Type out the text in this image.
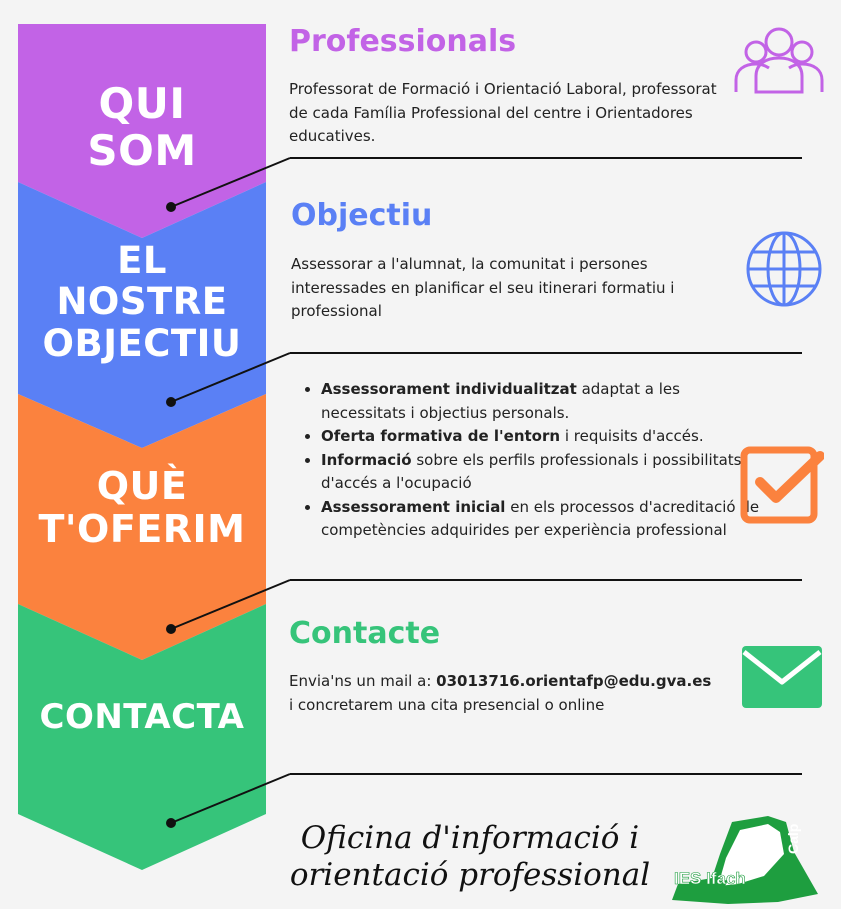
QUI
SOM
EL
NOSTRE
OBJECTIU
QUÈ
T'OFERIM
CONTACTA
Professionals

Professorat de Formació i Orientació Laboral, professorat de cada Família Professional del centre i Orientadores educatives.

Objectiu

Assessorar a l'alumnat, la comunitat i persones interessades en planificar el seu itinerari formatiu i professional

• Assessorament individualitzat adaptat a les necessitats i objectius personals.
• Oferta formativa de l'entorn i requisits d'accés.
• Informació sobre els perfils professionals i possibilitats d'accés a l'ocupació
• Assessorament inicial en els processos d'acreditació de competències adquirides per experiència professional
Contacte

Envia'ns un mail a: 03013716.orientafp@edu.gva.es i concretarem una cita presencial o online

Oficina d'informació i orientació professional	IES Ifach
Calp
